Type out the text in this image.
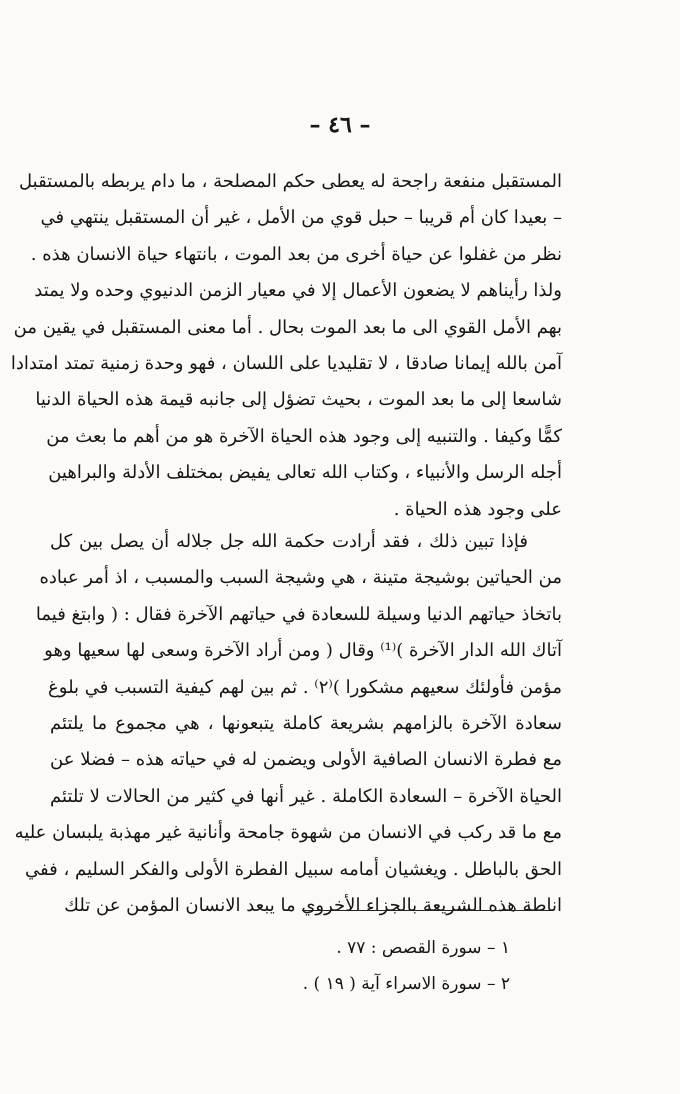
– ٤٦ –
المستقبل منفعة راجحة له يعطى حكم المصلحة ، ما دام يربطه بالمستقبل
– بعيدا كان أم قريبا – حبل قوي من الأمل ، غير أن المستقبل ينتهي في
نظر من غفلوا عن حياة أخرى من بعد الموت ، بانتهاء حياة الانسان هذه .
ولذا رأيناهم لا يضعون الأعمال إلا في معيار الزمن الدنيوي وحده ولا يمتد
بهم الأمل القوي الى ما بعد الموت بحال . أما معنى المستقبل في يقين من
آمن بالله إيمانا صادقا ، لا تقليديا على اللسان ، فهو وحدة زمنية تمتد امتدادا
شاسعا إلى ما بعد الموت ، بحيث تضؤل إلى جانبه قيمة هذه الحياة الدنيا
كمًّا وكيفا . والتنبيه إلى وجود هذه الحياة الآخرة هو من أهم ما بعث من
أجله الرسل والأنبياء ، وكتاب الله تعالى يفيض بمختلف الأدلة والبراهين
على وجود هذه الحياة .
فإذا تبين ذلك ، فقد أرادت حكمة الله جل جلاله أن يصل بين كل
من الحياتين بوشيجة متينة ، هي وشيجة السبب والمسبب ، اذ أمر عباده
باتخاذ حياتهم الدنيا وسيلة للسعادة في حياتهم الآخرة فقال : ( وابتغ فيما
آتاك الله الدار الآخرة )⁽¹⁾ وقال ( ومن أراد الآخرة وسعى لها سعيها وهو
مؤمن فأولئك سعيهم مشكورا )⁽٢⁾ . ثم بين لهم كيفية التسبب في بلوغ
سعادة الآخرة بالزامهم بشريعة كاملة يتبعونها ، هي مجموع ما يلتئم
مع فطرة الانسان الصافية الأولى ويضمن له في حياته هذه – فضلا عن
الحياة الآخرة – السعادة الكاملة . غير أنها في كثير من الحالات لا تلتئم
مع ما قد ركب في الانسان من شهوة جامحة وأنانية غير مهذبة يلبسان عليه
الحق بالباطل . ويغشيان أمامه سبيل الفطرة الأولى والفكر السليم ، ففي
اناطة هذه الشريعة بالجزاء الأخروي ما يبعد الانسان المؤمن عن تلك
١ – سورة القصص : ٧٧ .
٢ – سورة الاسراء آية ( ١٩ ) .
